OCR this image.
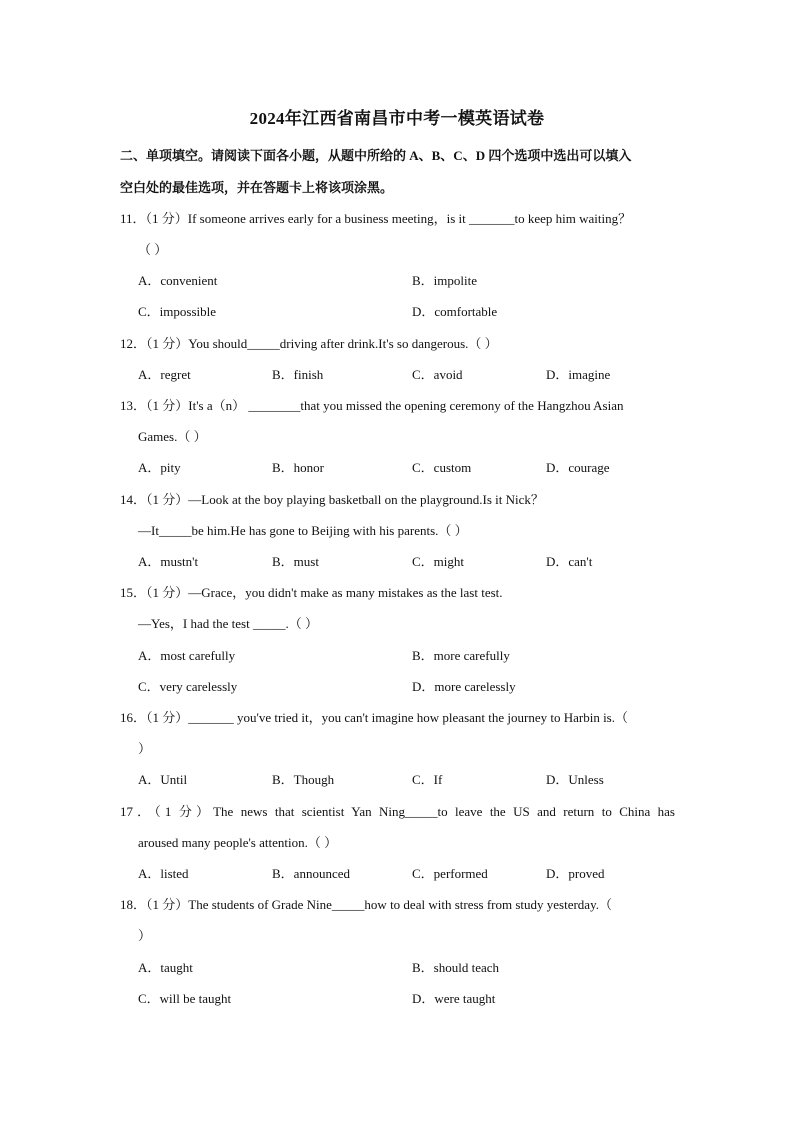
2024年江西省南昌市中考一模英语试卷
二、单项填空。请阅读下面各小题，从题中所给的 A、B、C、D 四个选项中选出可以填入
空白处的最佳选项，并在答题卡上将该项涂黑。
11．（1 分）If someone arrives early for a business meeting，is it _______to keep him waiting？
（ ）
A．convenient	B．impolite
C．impossible	D．comfortable
12．（1 分）You should_____driving after drink.It's so dangerous.（ ）
A．regret	B．finish	C．avoid	D．imagine
13．（1 分）It's a（n） ________that you missed the opening ceremony of the Hangzhou Asian
Games.（ ）
A．pity	B．honor	C．custom	D．courage
14．（1 分）—Look at the boy playing basketball on the playground.Is it Nick？
—It_____be him.He has gone to Beijing with his parents.（ ）
A．mustn't	B．must	C．might	D．can't
15．（1 分）—Grace，you didn't make as many mistakes as the last test.
—Yes，I had the test _____.（ ）
A．most carefully	B．more carefully
C．very carelessly	D．more carelessly
16．（1 分）_______ you've tried it，you can't imagine how pleasant the journey to Harbin is.（
）
A．Until	B．Though	C．If	D．Unless
17．（1 分）The news that scientist Yan Ning_____to leave the US and return to China has
aroused many people's attention.（ ）
A．listed	B．announced	C．performed	D．proved
18．（1 分）The students of Grade Nine_____how to deal with stress from study yesterday.（
）
A．taught	B．should teach
C．will be taught	D．were taught
